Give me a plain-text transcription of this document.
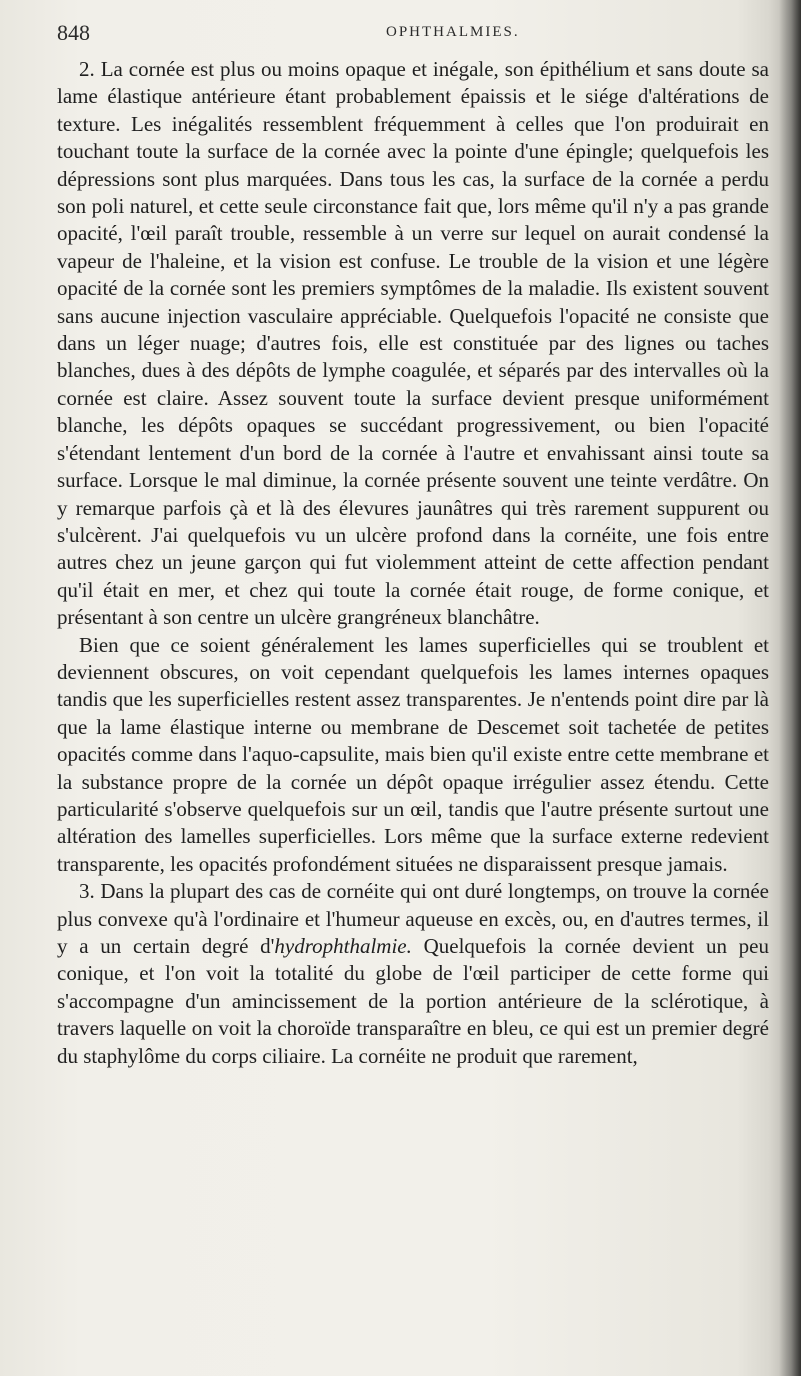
848	OPHTHALMIES.

2. La cornée est plus ou moins opaque et inégale, son épithélium et sans doute sa lame élastique antérieure étant probablement épaissis et le siége d'altérations de texture. Les inégalités ressemblent fréquemment à celles que l'on produirait en touchant toute la surface de la cornée avec la pointe d'une épingle; quelquefois les dépressions sont plus marquées. Dans tous les cas, la surface de la cornée a perdu son poli naturel, et cette seule circonstance fait que, lors même qu'il n'y a pas grande opacité, l'œil paraît trouble, ressemble à un verre sur lequel on aurait condensé la vapeur de l'haleine, et la vision est confuse. Le trouble de la vision et une légère opacité de la cornée sont les premiers symptômes de la maladie. Ils existent souvent sans aucune injection vasculaire appréciable. Quelquefois l'opacité ne consiste que dans un léger nuage; d'autres fois, elle est constituée par des lignes ou taches blanches, dues à des dépôts de lymphe coagulée, et séparés par des intervalles où la cornée est claire. Assez souvent toute la surface devient presque uniformément blanche, les dépôts opaques se succédant progressivement, ou bien l'opacité s'étendant lentement d'un bord de la cornée à l'autre et envahissant ainsi toute sa surface. Lorsque le mal diminue, la cornée présente souvent une teinte verdâtre. On y remarque parfois çà et là des élevures jaunâtres qui très rarement suppurent ou s'ulcèrent. J'ai quelquefois vu un ulcère profond dans la cornéite, une fois entre autres chez un jeune garçon qui fut violemment atteint de cette affection pendant qu'il était en mer, et chez qui toute la cornée était rouge, de forme conique, et présentant à son centre un ulcère grangréneux blanchâtre.

Bien que ce soient généralement les lames superficielles qui se troublent et deviennent obscures, on voit cependant quelquefois les lames internes opaques tandis que les superficielles restent assez transparentes. Je n'entends point dire par là que la lame élastique interne ou membrane de Descemet soit tachetée de petites opacités comme dans l'aquo-capsulite, mais bien qu'il existe entre cette membrane et la substance propre de la cornée un dépôt opaque irrégulier assez étendu. Cette particularité s'observe quelquefois sur un œil, tandis que l'autre présente surtout une altération des lamelles superficielles. Lors même que la surface externe redevient transparente, les opacités profondément situées ne disparaissent presque jamais.

3. Dans la plupart des cas de cornéite qui ont duré longtemps, on trouve la cornée plus convexe qu'à l'ordinaire et l'humeur aqueuse en excès, ou, en d'autres termes, il y a un certain degré d'hydrophthalmie. Quelquefois la cornée devient un peu conique, et l'on voit la totalité du globe de l'œil participer de cette forme qui s'accompagne d'un amincissement de la portion antérieure de la sclérotique, à travers laquelle on voit la choroïde transparaître en bleu, ce qui est un premier degré du staphylôme du corps ciliaire. La cornéite ne produit que rarement,
